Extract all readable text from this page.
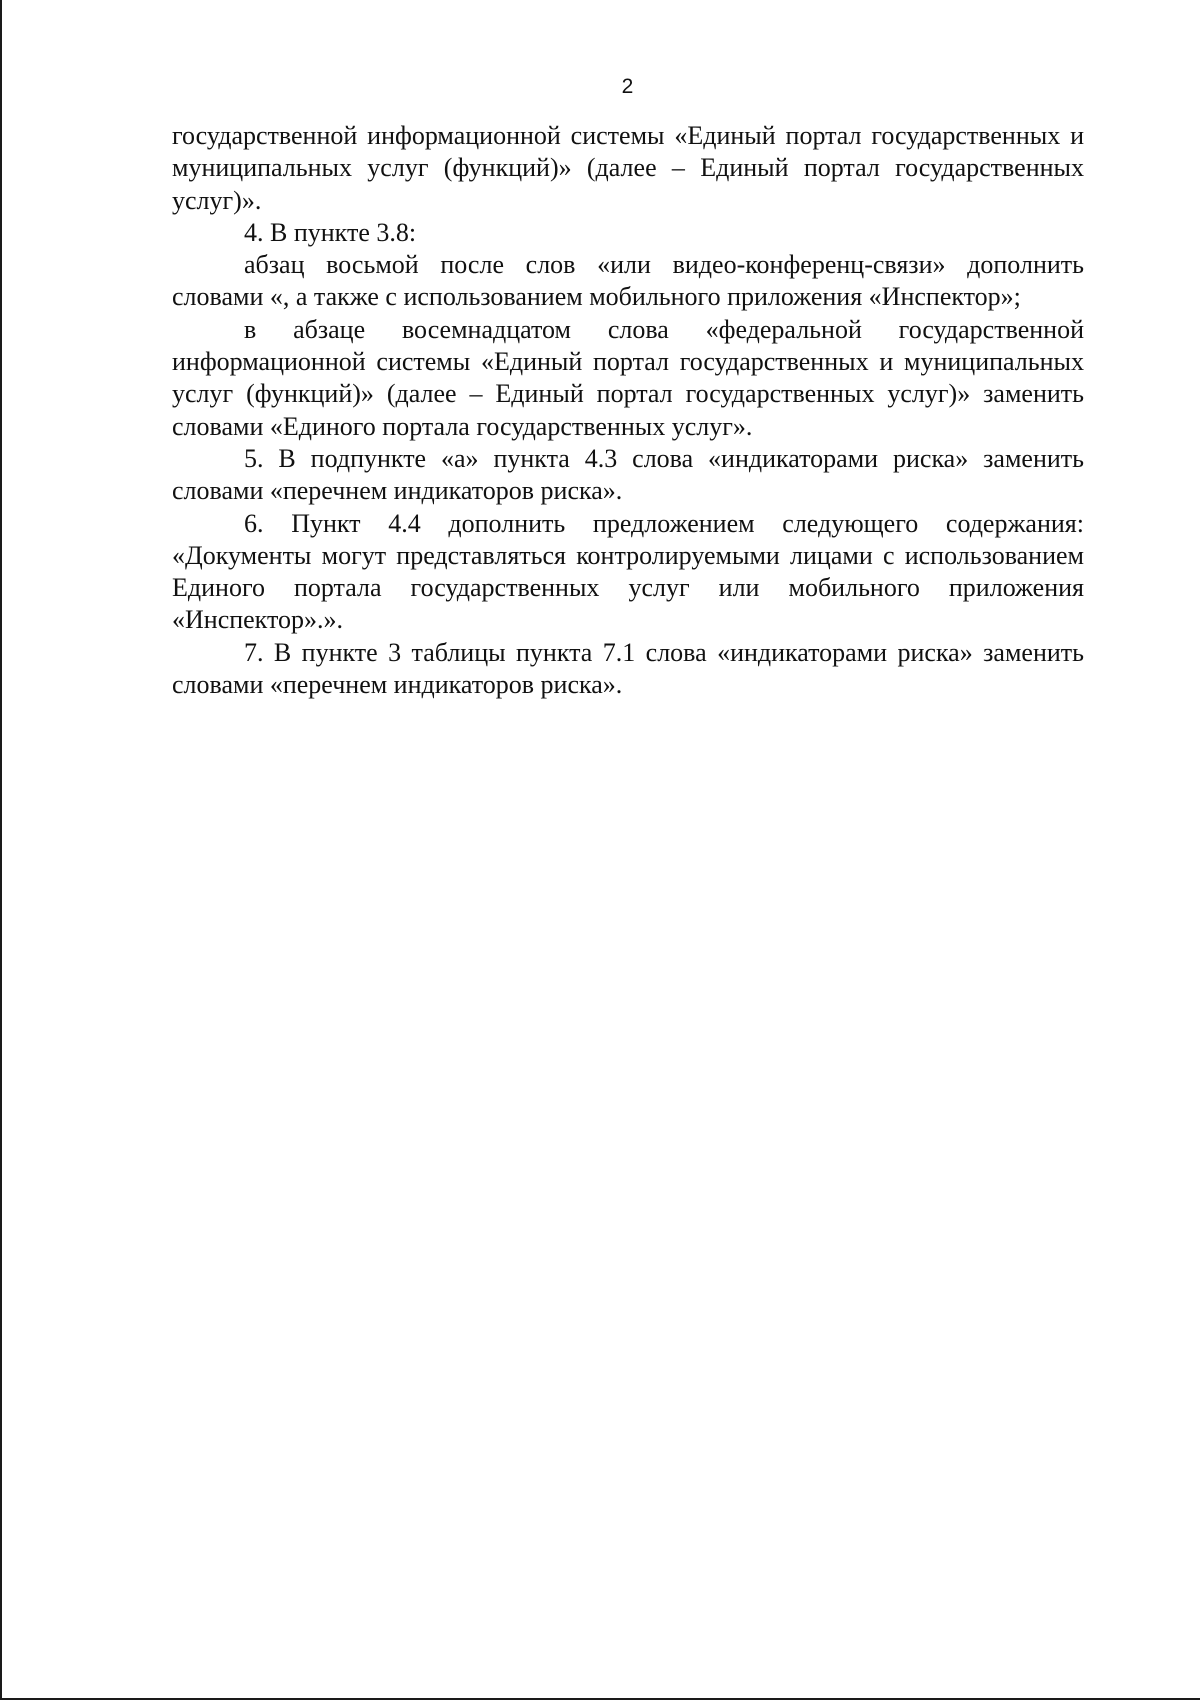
2

государственной информационной системы «Единый портал государственных и муниципальных услуг (функций)» (далее – Единый портал государственных услуг)».

4. В пункте 3.8:

абзац восьмой после слов «или видео-конференц-связи» дополнить словами «, а также с использованием мобильного приложения «Инспектор»;

в абзаце восемнадцатом слова «федеральной государственной информационной системы «Единый портал государственных и муниципальных услуг (функций)» (далее – Единый портал государственных услуг)» заменить словами «Единого портала государственных услуг».

5. В подпункте «а» пункта 4.3 слова «индикаторами риска» заменить словами «перечнем индикаторов риска».

6. Пункт 4.4 дополнить предложением следующего содержания: «Документы могут представляться контролируемыми лицами с использованием Единого портала государственных услуг или мобильного приложения «Инспектор».».

7. В пункте 3 таблицы пункта 7.1 слова «индикаторами риска» заменить словами «перечнем индикаторов риска».
